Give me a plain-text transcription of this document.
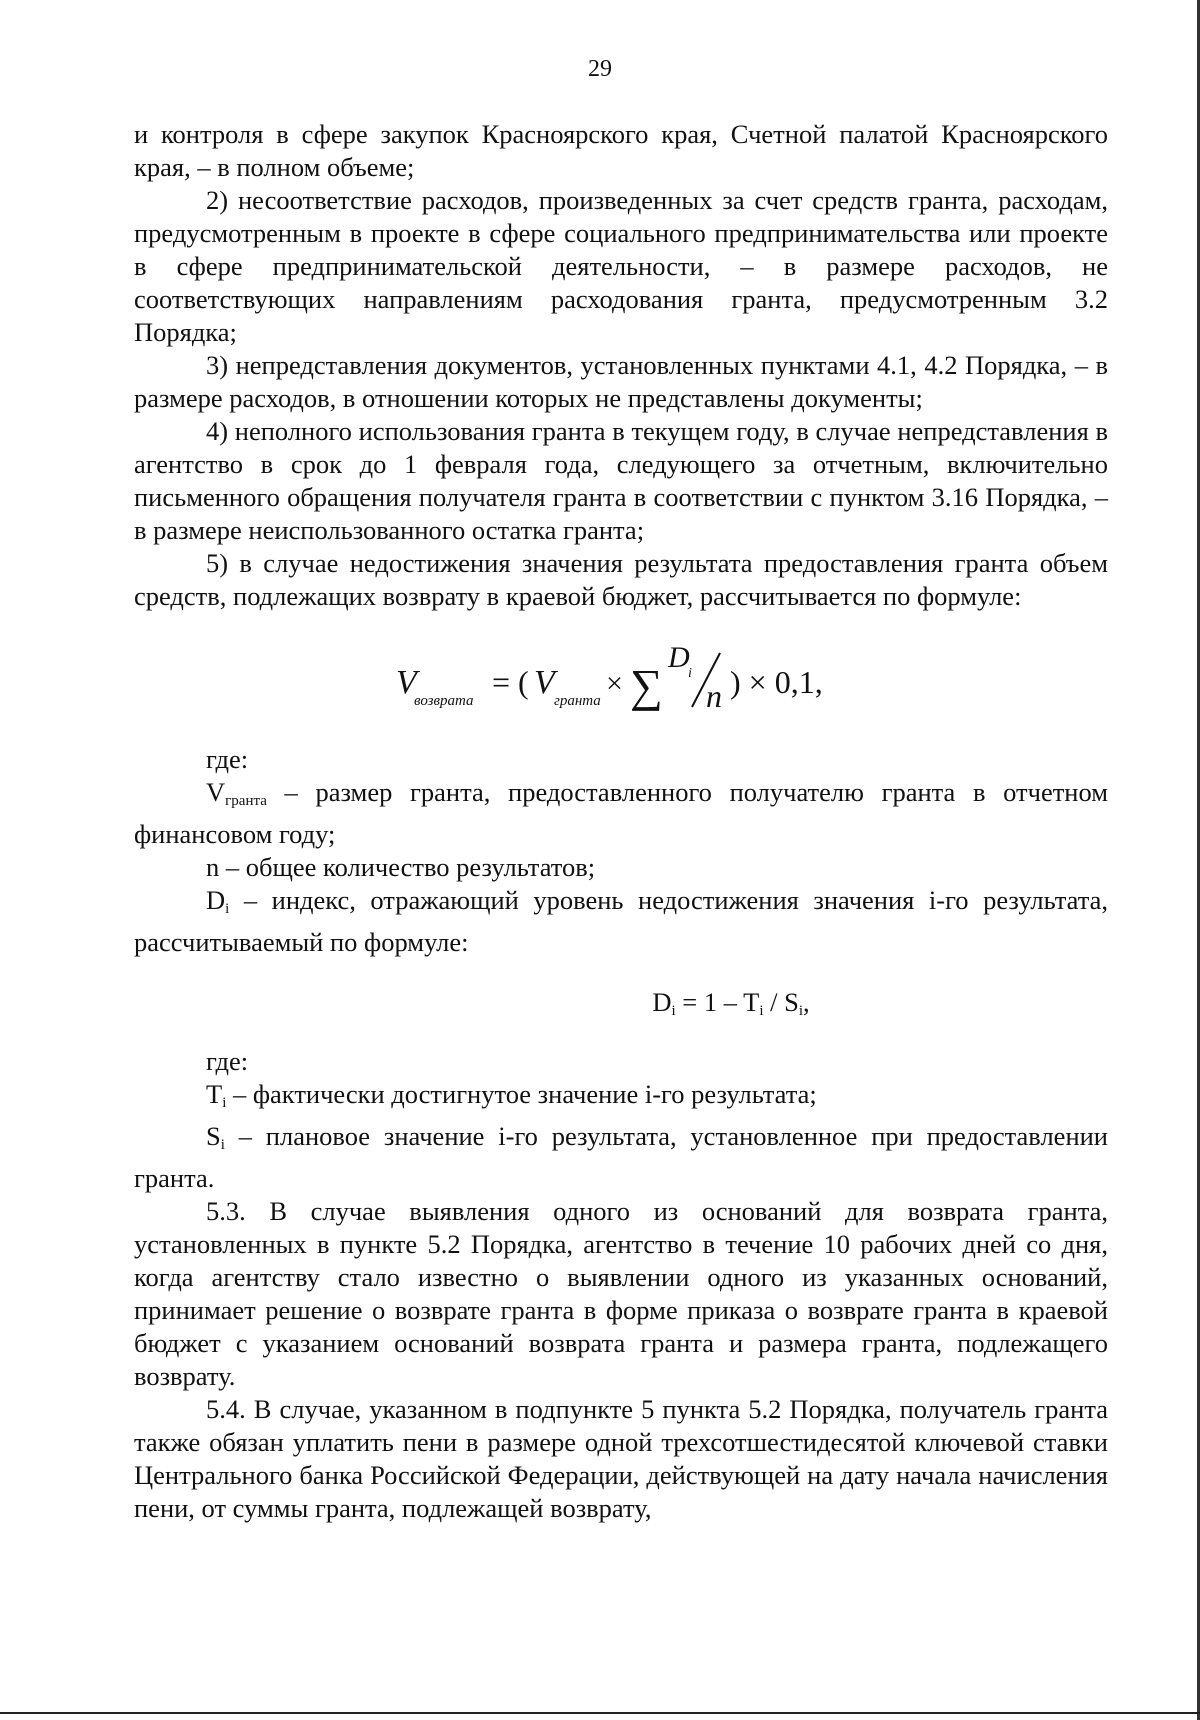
29

и контроля в сфере закупок Красноярского края, Счетной палатой Красноярского края, – в полном объеме;

2) несоответствие расходов, произведенных за счет средств гранта, расходам, предусмотренным в проекте в сфере социального предпринимательства или проекте в сфере предпринимательской деятельности, – в размере расходов, не соответствующих направлениям расходования гранта, предусмотренным 3.2 Порядка;

3) непредставления документов, установленных пунктами 4.1, 4.2 Порядка, – в размере расходов, в отношении которых не представлены документы;

4) неполного использования гранта в текущем году, в случае непредставления в агентство в срок до 1 февраля года, следующего за отчетным, включительно письменного обращения получателя гранта в соответствии с пунктом 3.16 Порядка, – в размере неиспользованного остатка гранта;

5) в случае недостижения значения результата предоставления гранта объем средств, подлежащих возврату в краевой бюджет, рассчитывается по формуле:

V
возврата
= ( V гранта
× ∑
D
i
n ) × 0,1,

где:

$V_{гранта}$ – размер гранта, предоставленного получателю гранта в отчетном финансовом году;

n – общее количество результатов;

$D_i$ – индекс, отражающий уровень недостижения значения i-го результата, рассчитываемый по формуле:

$D_i = 1 - T_i / S_i$,

где:

$T_i$ – фактически достигнутое значение i-го результата;

$S_i$ – плановое значение i-го результата, установленное при предоставлении гранта.

5.3. В случае выявления одного из оснований для возврата гранта, установленных в пункте 5.2 Порядка, агентство в течение 10 рабочих дней со дня, когда агентству стало известно о выявлении одного из указанных оснований, принимает решение о возврате гранта в форме приказа о возврате гранта в краевой бюджет с указанием оснований возврата гранта и размера гранта, подлежащего возврату.

5.4. В случае, указанном в подпункте 5 пункта 5.2 Порядка, получатель гранта также обязан уплатить пени в размере одной трехсотшестидесятой ключевой ставки Центрального банка Российской Федерации, действующей на дату начала начисления пени, от суммы гранта, подлежащей возврату,
